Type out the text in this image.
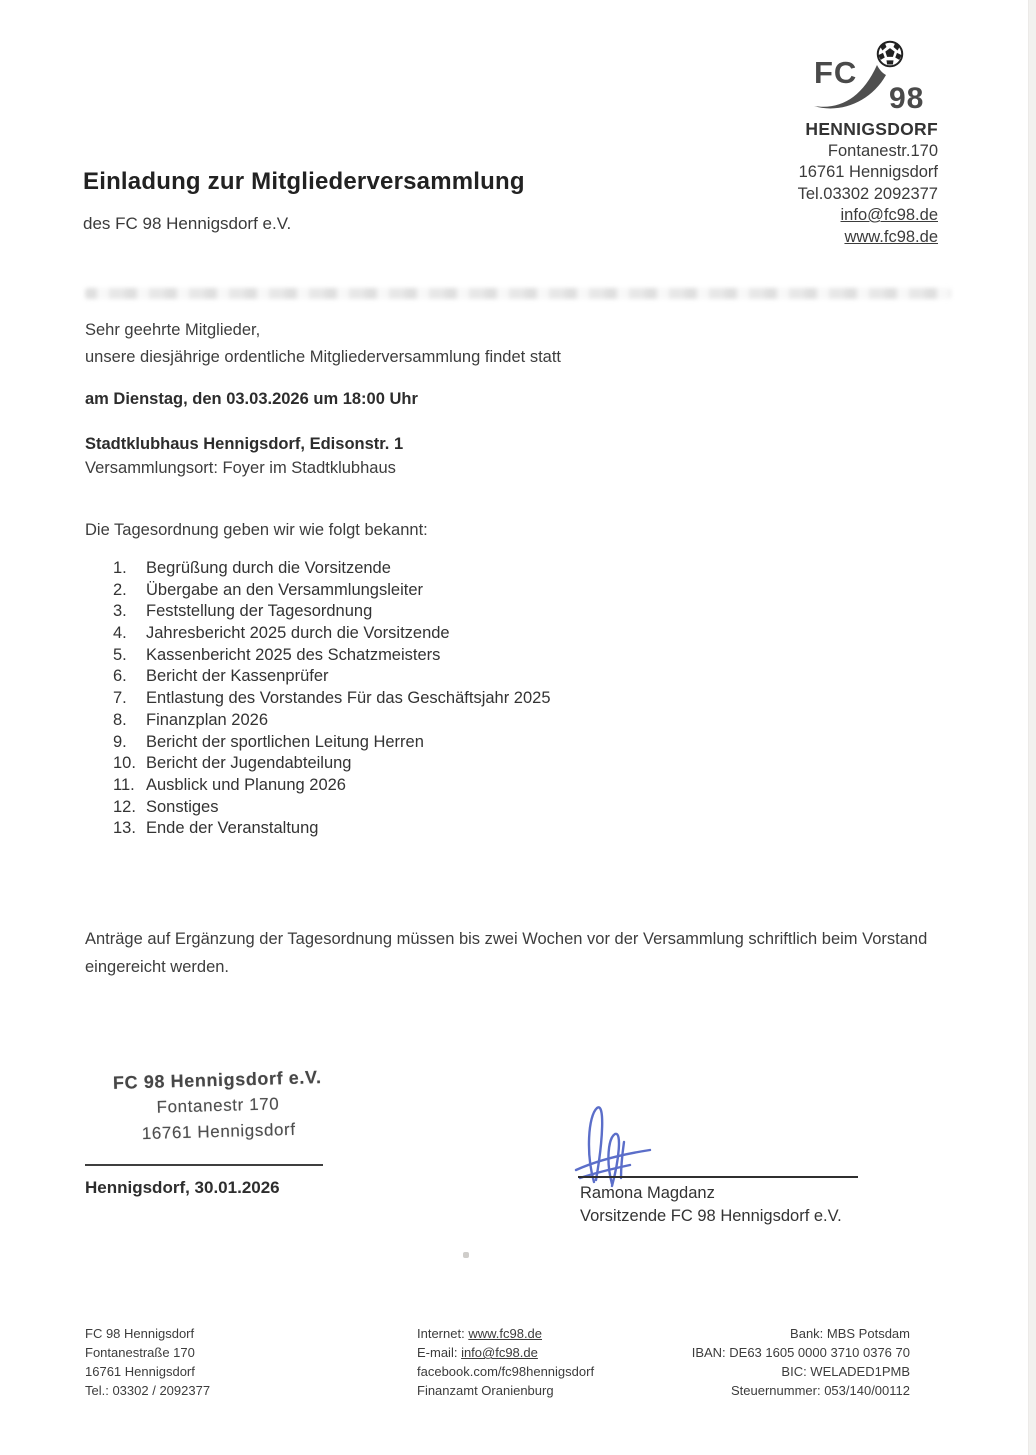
FC
98
HENNIGSDORF
Fontanestr.170
16761 Hennigsdorf
Tel.03302 2092377
info@fc98.de
www.fc98.de
Einladung zur Mitgliederversammlung
des FC 98 Hennigsdorf e.V.
Sehr geehrte Mitglieder,
unsere diesjährige ordentliche Mitgliederversammlung findet statt
am Dienstag, den 03.03.2026 um 18:00 Uhr
Stadtklubhaus Hennigsdorf, Edisonstr. 1
Versammlungsort: Foyer im Stadtklubhaus
Die Tagesordnung geben wir wie folgt bekannt:
1.	Begrüßung durch die Vorsitzende
2.	Übergabe an den Versammlungsleiter
3.	Feststellung der Tagesordnung
4.	Jahresbericht 2025 durch die Vorsitzende
5.	Kassenbericht 2025 des Schatzmeisters
6.	Bericht der Kassenprüfer
7.	Entlastung des Vorstandes Für das Geschäftsjahr 2025
8.	Finanzplan 2026
9.	Bericht der sportlichen Leitung Herren
10. Bericht der Jugendabteilung
11. Ausblick und Planung 2026
12. Sonstiges
13. Ende der Veranstaltung
Anträge auf Ergänzung der Tagesordnung müssen bis zwei Wochen vor der Versammlung schriftlich beim Vorstand eingereicht werden.
FC 98 Hennigsdorf e.V.
Fontanestr 170
16761 Hennigsdorf
Hennigsdorf, 30.01.2026	Ramona Magdanz
Vorsitzende FC 98 Hennigsdorf e.V.
FC 98 Hennigsdorf
Fontanestraße 170
16761 Hennigsdorf
Tel.: 03302 / 2092377
Internet: www.fc98.de
E-mail: info@fc98.de
facebook.com/fc98hennigsdorf
Finanzamt Oranienburg
Bank: MBS Potsdam
IBAN: DE63 1605 0000 3710 0376 70
BIC: WELADED1PMB
Steuernummer: 053/140/00112
